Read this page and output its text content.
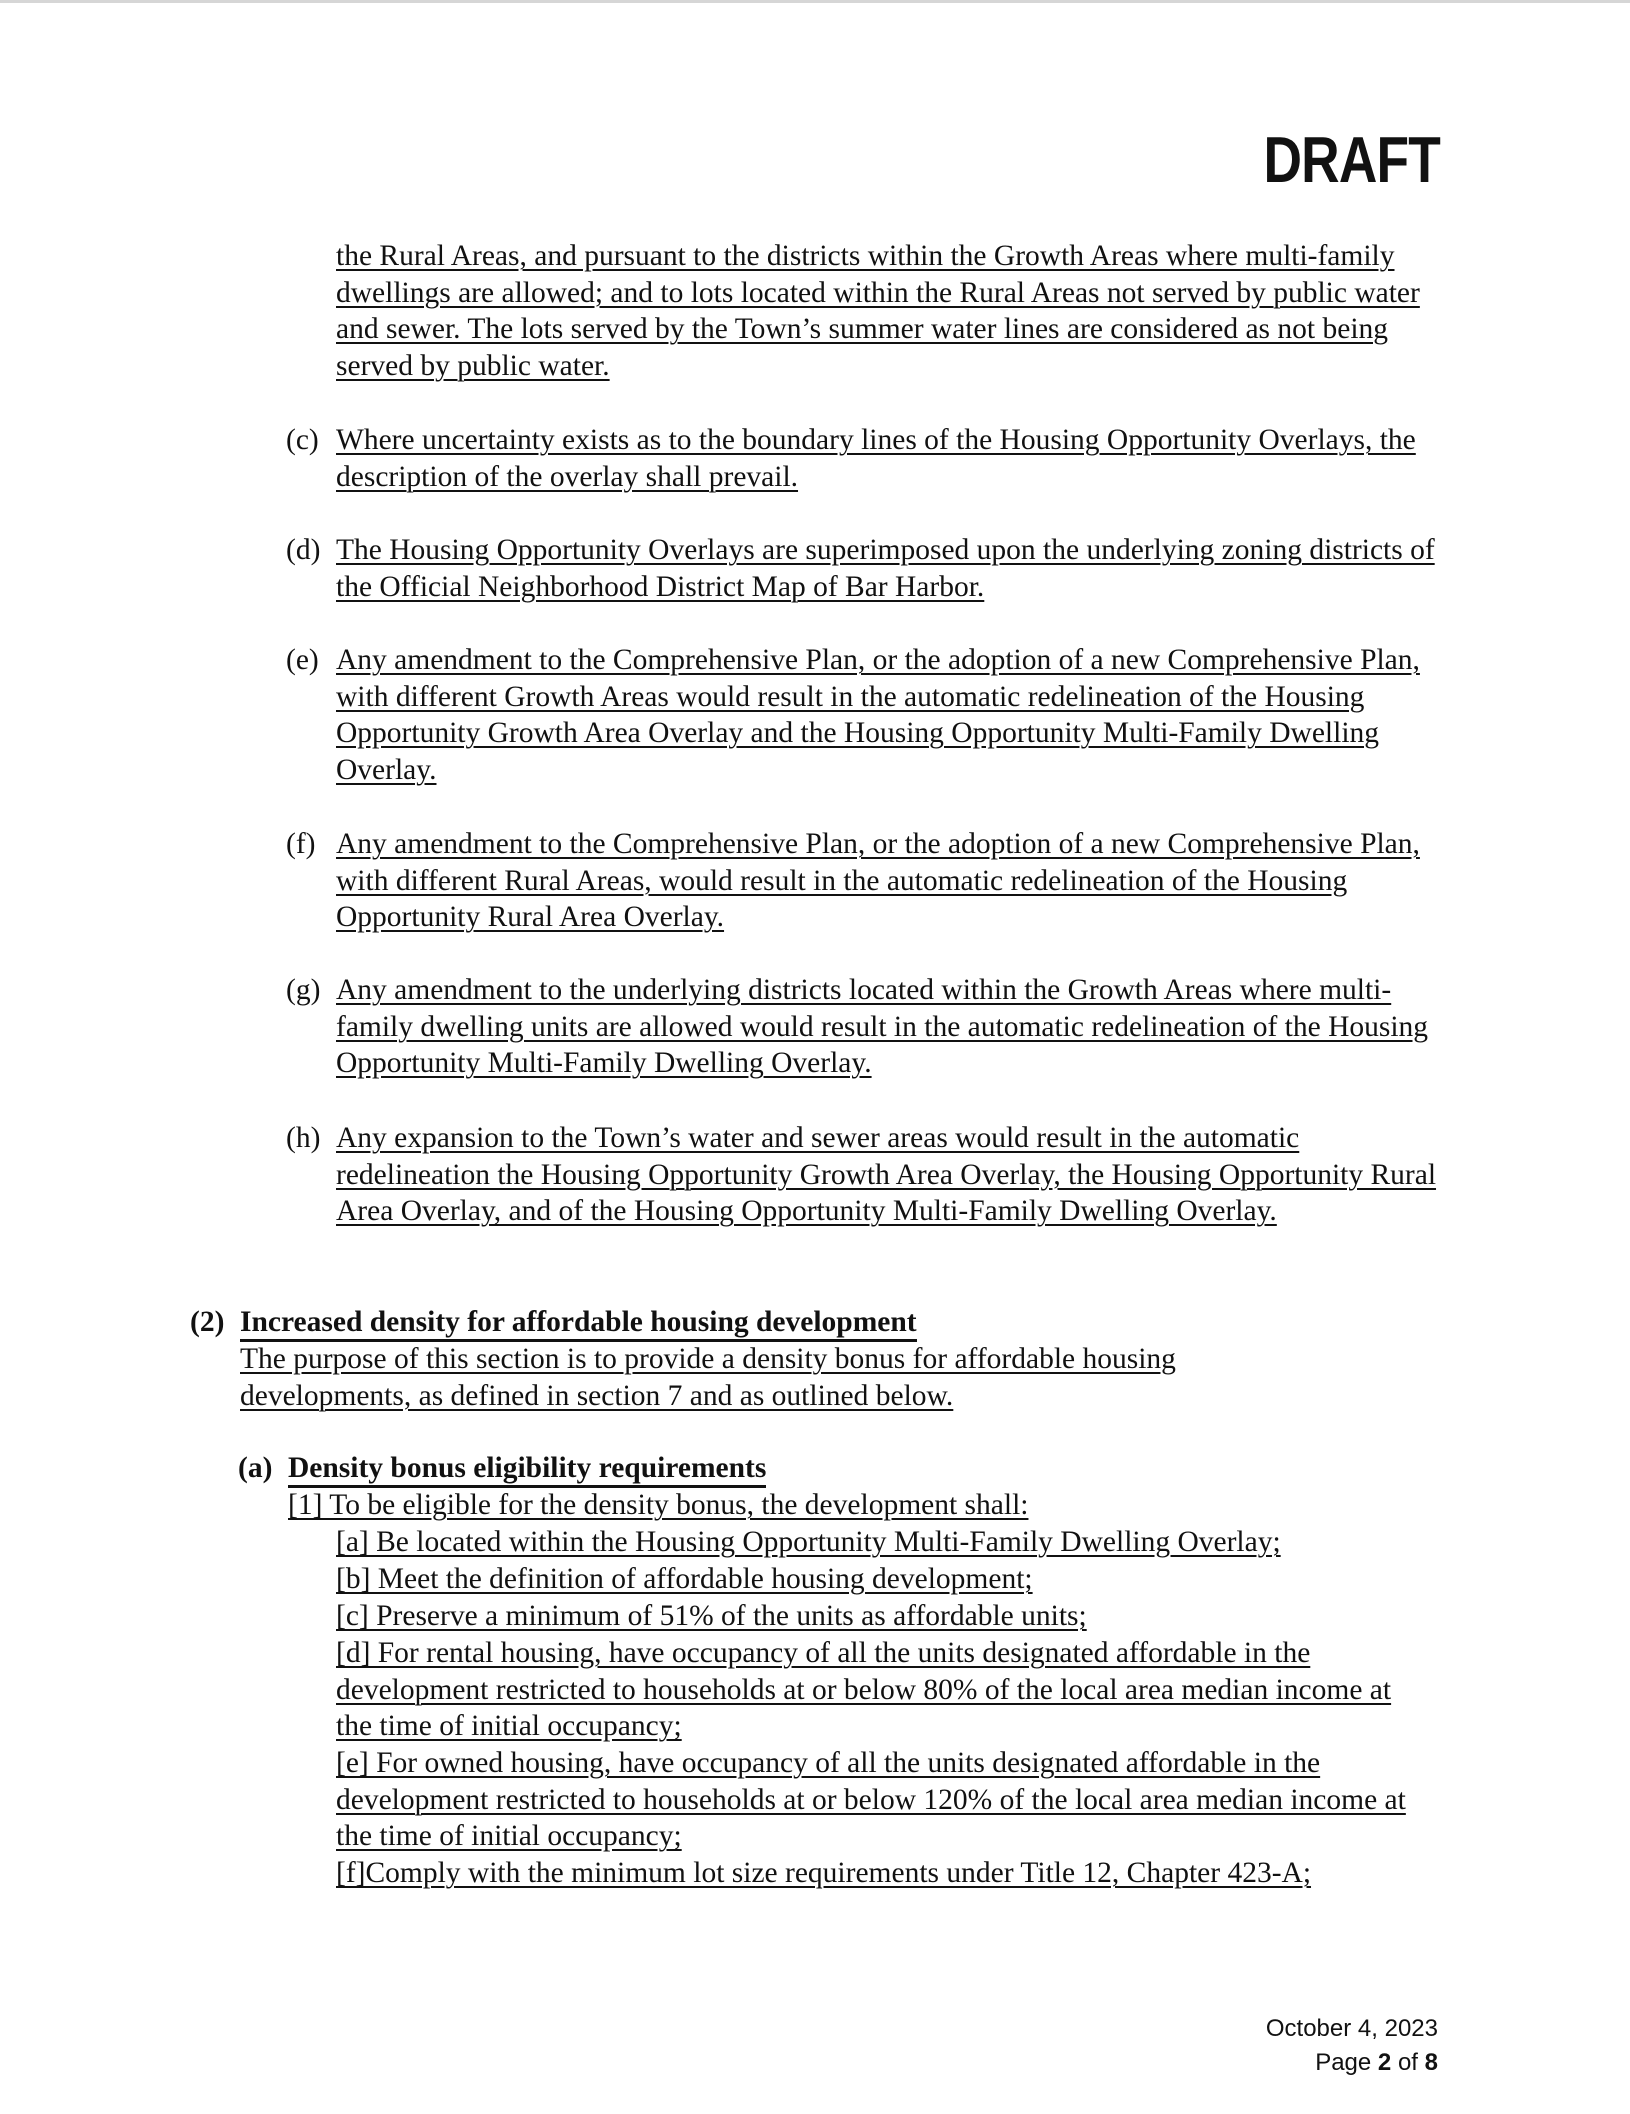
DRAFT
the Rural Areas, and pursuant to the districts within the Growth Areas where multi-family dwellings are allowed; and to lots located within the Rural Areas not served by public water and sewer. The lots served by the Town’s summer water lines are considered as not being served by public water.
(c) Where uncertainty exists as to the boundary lines of the Housing Opportunity Overlays, the description of the overlay shall prevail.
(d) The Housing Opportunity Overlays are superimposed upon the underlying zoning districts of the Official Neighborhood District Map of Bar Harbor.
(e) Any amendment to the Comprehensive Plan, or the adoption of a new Comprehensive Plan, with different Growth Areas would result in the automatic redelineation of the Housing Opportunity Growth Area Overlay and the Housing Opportunity Multi-Family Dwelling Overlay.
(f) Any amendment to the Comprehensive Plan, or the adoption of a new Comprehensive Plan, with different Rural Areas, would result in the automatic redelineation of the Housing Opportunity Rural Area Overlay.
(g) Any amendment to the underlying districts located within the Growth Areas where multi-family dwelling units are allowed would result in the automatic redelineation of the Housing Opportunity Multi-Family Dwelling Overlay.
(h) Any expansion to the Town’s water and sewer areas would result in the automatic redelineation the Housing Opportunity Growth Area Overlay, the Housing Opportunity Rural Area Overlay, and of the Housing Opportunity Multi-Family Dwelling Overlay.
(2) Increased density for affordable housing development
The purpose of this section is to provide a density bonus for affordable housing developments, as defined in section 7 and as outlined below.
(a) Density bonus eligibility requirements
[1] To be eligible for the density bonus, the development shall:
[a] Be located within the Housing Opportunity Multi-Family Dwelling Overlay;
[b] Meet the definition of affordable housing development;
[c] Preserve a minimum of 51% of the units as affordable units;
[d] For rental housing, have occupancy of all the units designated affordable in the development restricted to households at or below 80% of the local area median income at the time of initial occupancy;
[e] For owned housing, have occupancy of all the units designated affordable in the development restricted to households at or below 120% of the local area median income at the time of initial occupancy;
[f]Comply with the minimum lot size requirements under Title 12, Chapter 423-A;
October 4, 2023
Page 2 of 8
